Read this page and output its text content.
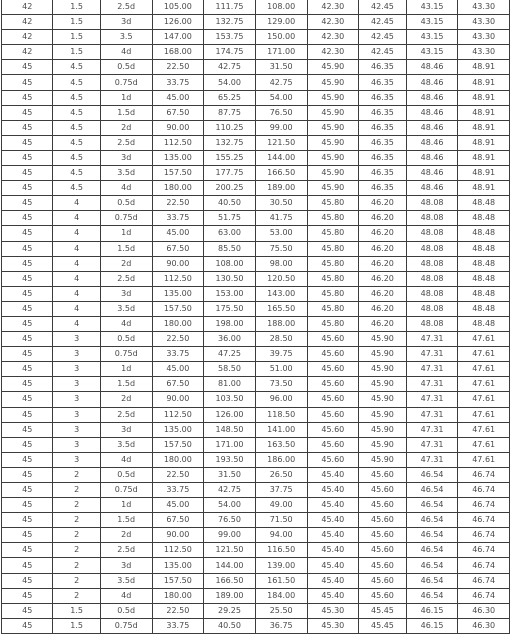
42	1.5	2.5d	105.00	111.75	108.00	42.30	42.45	43.15	43.30
42	1.5	3d	126.00	132.75	129.00	42.30	42.45	43.15	43.30
42	1.5	3.5	147.00	153.75	150.00	42.30	42.45	43.15	43.30
42	1.5	4d	168.00	174.75	171.00	42.30	42.45	43.15	43.30
45	4.5	0.5d	22.50	42.75	31.50	45.90	46.35	48.46	48.91
45	4.5	0.75d	33.75	54.00	42.75	45.90	46.35	48.46	48.91
45	4.5	1d	45.00	65.25	54.00	45.90	46.35	48.46	48.91
45	4.5	1.5d	67.50	87.75	76.50	45.90	46.35	48.46	48.91
45	4.5	2d	90.00	110.25	99.00	45.90	46.35	48.46	48.91
45	4.5	2.5d	112.50	132.75	121.50	45.90	46.35	48.46	48.91
45	4.5	3d	135.00	155.25	144.00	45.90	46.35	48.46	48.91
45	4.5	3.5d	157.50	177.75	166.50	45.90	46.35	48.46	48.91
45	4.5	4d	180.00	200.25	189.00	45.90	46.35	48.46	48.91
45	4	0.5d	22.50	40.50	30.50	45.80	46.20	48.08	48.48
45	4	0.75d	33.75	51.75	41.75	45.80	46.20	48.08	48.48
45	4	1d	45.00	63.00	53.00	45.80	46.20	48.08	48.48
45	4	1.5d	67.50	85.50	75.50	45.80	46.20	48.08	48.48
45	4	2d	90.00	108.00	98.00	45.80	46.20	48.08	48.48
45	4	2.5d	112.50	130.50	120.50	45.80	46.20	48.08	48.48
45	4	3d	135.00	153.00	143.00	45.80	46.20	48.08	48.48
45	4	3.5d	157.50	175.50	165.50	45.80	46.20	48.08	48.48
45	4	4d	180.00	198.00	188.00	45.80	46.20	48.08	48.48
45	3	0.5d	22.50	36.00	28.50	45.60	45.90	47.31	47.61
45	3	0.75d	33.75	47.25	39.75	45.60	45.90	47.31	47.61
45	3	1d	45.00	58.50	51.00	45.60	45.90	47.31	47.61
45	3	1.5d	67.50	81.00	73.50	45.60	45.90	47.31	47.61
45	3	2d	90.00	103.50	96.00	45.60	45.90	47.31	47.61
45	3	2.5d	112.50	126.00	118.50	45.60	45.90	47.31	47.61
45	3	3d	135.00	148.50	141.00	45.60	45.90	47.31	47.61
45	3	3.5d	157.50	171.00	163.50	45.60	45.90	47.31	47.61
45	3	4d	180.00	193.50	186.00	45.60	45.90	47.31	47.61
45	2	0.5d	22.50	31.50	26.50	45.40	45.60	46.54	46.74
45	2	0.75d	33.75	42.75	37.75	45.40	45.60	46.54	46.74
45	2	1d	45.00	54.00	49.00	45.40	45.60	46.54	46.74
45	2	1.5d	67.50	76.50	71.50	45.40	45.60	46.54	46.74
45	2	2d	90.00	99.00	94.00	45.40	45.60	46.54	46.74
45	2	2.5d	112.50	121.50	116.50	45.40	45.60	46.54	46.74
45	2	3d	135.00	144.00	139.00	45.40	45.60	46.54	46.74
45	2	3.5d	157.50	166.50	161.50	45.40	45.60	46.54	46.74
45	2	4d	180.00	189.00	184.00	45.40	45.60	46.54	46.74
45	1.5	0.5d	22.50	29.25	25.50	45.30	45.45	46.15	46.30
45	1.5	0.75d	33.75	40.50	36.75	45.30	45.45	46.15	46.30
